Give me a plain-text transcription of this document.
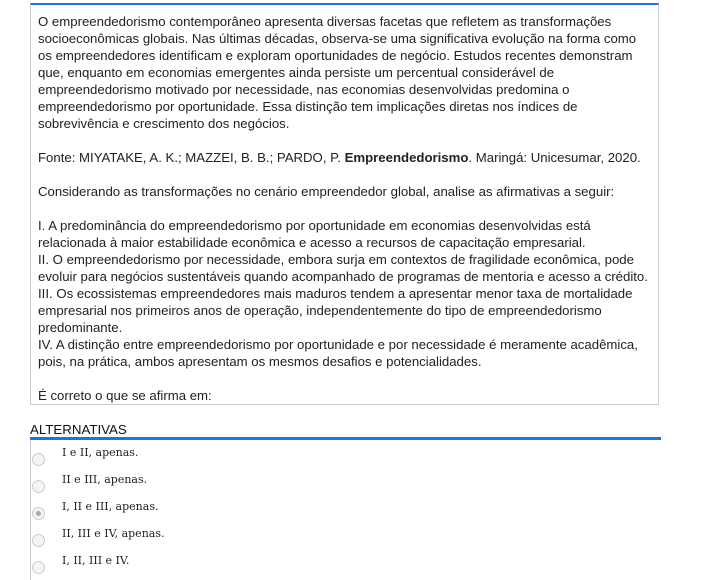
O empreendedorismo contemporâneo apresenta diversas facetas que refletem as transformações socioeconômicas globais. Nas últimas décadas, observa-se uma significativa evolução na forma como os empreendedores identificam e exploram oportunidades de negócio. Estudos recentes demonstram que, enquanto em economias emergentes ainda persiste um percentual considerável de empreendedorismo motivado por necessidade, nas economias desenvolvidas predomina o empreendedorismo por oportunidade. Essa distinção tem implicações diretas nos índices de sobrevivência e crescimento dos negócios.

Fonte: MIYATAKE, A. K.; MAZZEI, B. B.; PARDO, P. Empreendedorismo. Maringá: Unicesumar, 2020.

Considerando as transformações no cenário empreendedor global, analise as afirmativas a seguir:

I. A predominância do empreendedorismo por oportunidade em economias desenvolvidas está relacionada à maior estabilidade econômica e acesso a recursos de capacitação empresarial.
II. O empreendedorismo por necessidade, embora surja em contextos de fragilidade econômica, pode evoluir para negócios sustentáveis quando acompanhado de programas de mentoria e acesso a crédito.
III. Os ecossistemas empreendedores mais maduros tendem a apresentar menor taxa de mortalidade empresarial nos primeiros anos de operação, independentemente do tipo de empreendedorismo predominante.
IV. A distinção entre empreendedorismo por oportunidade e por necessidade é meramente acadêmica, pois, na prática, ambos apresentam os mesmos desafios e potencialidades.

É correto o que se afirma em:

ALTERNATIVAS
I e II, apenas.
II e III, apenas.
I, II e III, apenas.
II, III e IV, apenas.
I, II, III e IV.
